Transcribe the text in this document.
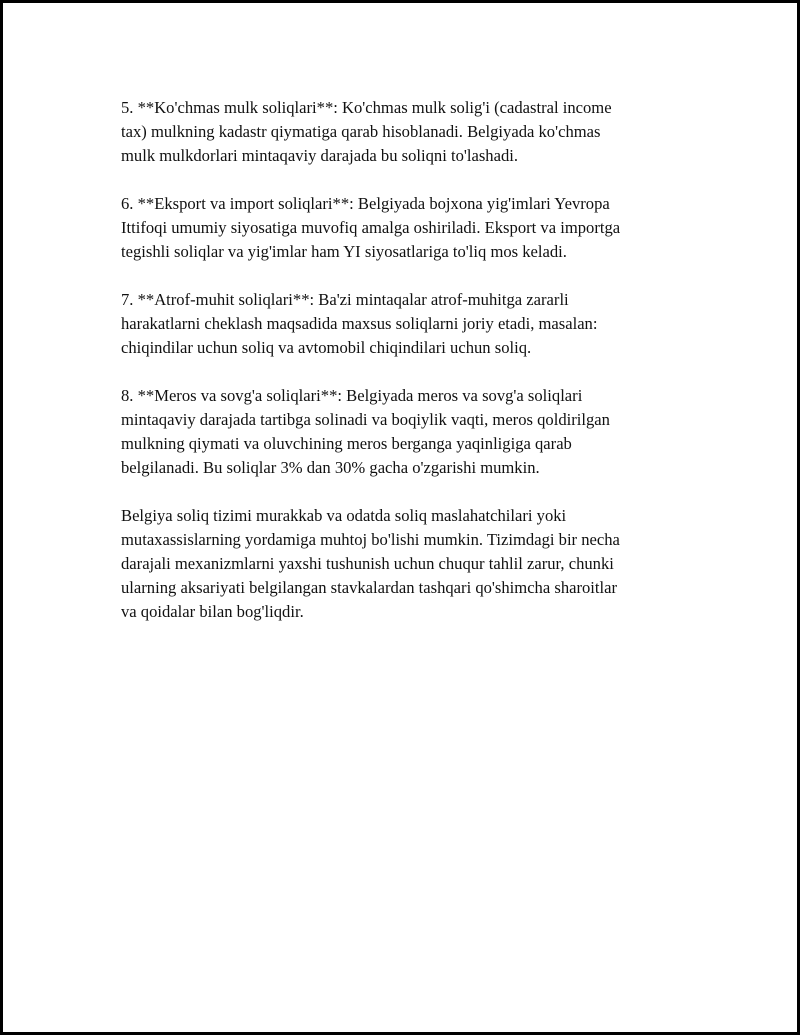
5. **Ko'chmas mulk soliqlari**: Ko'chmas mulk solig'i (cadastral income
tax) mulkning kadastr qiymatiga qarab hisoblanadi. Belgiyada ko'chmas
mulk mulkdorlari mintaqaviy darajada bu soliqni to'lashadi.

6. **Eksport va import soliqlari**: Belgiyada bojxona yig'imlari Yevropa
Ittifoqi umumiy siyosatiga muvofiq amalga oshiriladi. Eksport va importga
tegishli soliqlar va yig'imlar ham YI siyosatlariga to'liq mos keladi.

7. **Atrof-muhit soliqlari**: Ba'zi mintaqalar atrof-muhitga zararli
harakatlarni cheklash maqsadida maxsus soliqlarni joriy etadi, masalan:
chiqindilar uchun soliq va avtomobil chiqindilari uchun soliq.

8. **Meros va sovg'a soliqlari**: Belgiyada meros va sovg'a soliqlari
mintaqaviy darajada tartibga solinadi va boqiylik vaqti, meros qoldirilgan
mulkning qiymati va oluvchining meros berganga yaqinligiga qarab
belgilanadi. Bu soliqlar 3% dan 30% gacha o'zgarishi mumkin.

Belgiya soliq tizimi murakkab va odatda soliq maslahatchilari yoki
mutaxassislarning yordamiga muhtoj bo'lishi mumkin. Tizimdagi bir necha
darajali mexanizmlarni yaxshi tushunish uchun chuqur tahlil zarur, chunki
ularning aksariyati belgilangan stavkalardan tashqari qo'shimcha sharoitlar
va qoidalar bilan bog'liqdir.
